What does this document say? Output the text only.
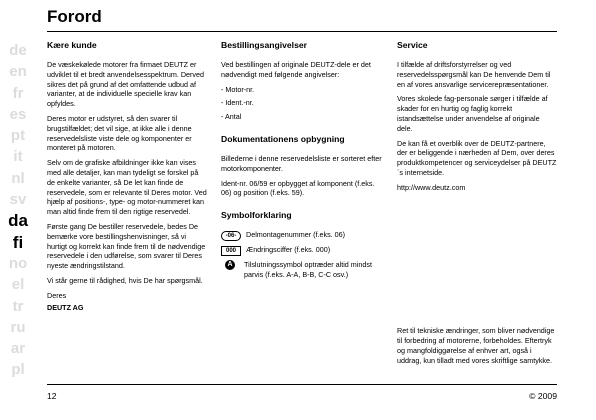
Forord
de
en
fr
es
pt
it
nl
sv
da
fi
no
el
tr
ru
ar
pl
Kære kunde

De væskekølede motorer fra firmaet DEUTZ er udviklet til et bredt anvendelsesspektrum. Derved sikres det på grund af det omfattende udbud af varianter, at de individuelle specielle krav kan opfyldes.

Deres motor er udstyret, så den svarer til brugstilfældet; det vil sige, at ikke alle i denne reservedelsliste viste dele og komponenter er monteret på motoren.

Selv om de grafiske afbildninger ikke kan vises med alle detaljer, kan man tydeligt se forskel på de enkelte varianter, så De let kan finde de reservedele, som er relevante til Deres motor. Ved hjælp af positions-, type- og motor-nummeret kan man altid finde frem til den rigtige reservedel.

Første gang De bestiller reservedele, bedes De bemærke vore bestillingshenvisninger, så vi hurtigt og korrekt kan finde frem til de nødvendige reservedele i den udførelse, som svarer til Deres nyeste ændringstilstand.

Vi står gerne til rådighed, hvis De har spørgsmål.

Deres

DEUTZ AG

Bestillingsangivelser

Ved bestillingen af originale DEUTZ-dele er det nødvendigt med følgende angivelser:

- Motor-nr.

- Ident.-nr.

- Antal

Dokumentationens opbygning

Billederne i denne reservedelsliste er sorteret efter motorkomponenter.

Ident-nr. 06/59 er opbygget af komponent (f.eks. 06) og position (f.eks. 59).

Symbolforklaring
-06-	Delmontagenummer (f.eks. 06)
000	Ændringsciffer (f.eks. 000)
A	Tilslutningssymbol optræder altid mindst parvis (f.eks. A-A, B-B, C-C osv.)
Service

I tilfælde af driftsforstyrrelser og ved reservedelsspørgsmål kan De henvende Dem til en af vores ansvarlige servicerepræsentationer.

Vores skolede fag-personale sørger i tilfælde af skader for en hurtig og faglig korrekt istandsættelse under anvendelse af originale dele.

De kan få et overblik over de DEUTZ-partnere, der er beliggende i nærheden af Dem, over deres produktkompetencer og serviceydelser på DEUTZ´s internetside.

http://www.deutz.com

Ret til tekniske ændringer, som bliver nødvendige til forbedring af motorerne, forbeholdes. Eftertryk og mangfoldiggørelse af enhver art, også i uddrag, kun tilladt med vores skriftlige samtykke.

12	© 2009
